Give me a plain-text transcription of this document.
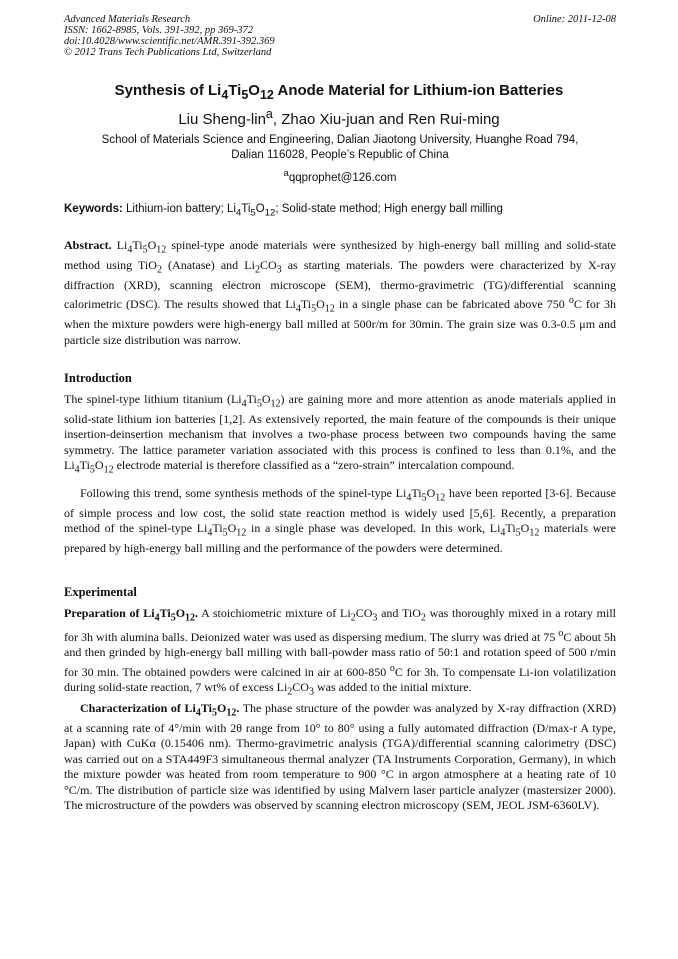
Advanced Materials Research
ISSN: 1662-8985, Vols. 391-392, pp 369-372
doi:10.4028/www.scientific.net/AMR.391-392.369
© 2012 Trans Tech Publications Ltd, Switzerland
Online: 2011-12-08
Synthesis of $Li_4Ti_5O_{12}$ Anode Material for Lithium-ion Batteries
Liu Sheng-lin$^a$, Zhao Xiu-juan and Ren Rui-ming
School of Materials Science and Engineering, Dalian Jiaotong University, Huanghe Road 794,
Dalian 116028, People’s Republic of China
$^a$qqprophet@126.com
Keywords: Lithium-ion battery; $Li_4Ti_5O_{12}$; Solid-state method; High energy ball milling
Abstract. $Li_4Ti_5O_{12}$ spinel-type anode materials were synthesized by high-energy ball milling and solid-state method using TiO$_2$ (Anatase) and $Li_2CO_3$ as starting materials. The powders were characterized by X-ray diffraction (XRD), scanning electron microscope (SEM), thermo-gravimetric (TG)/differential scanning calorimetric (DSC). The results showed that $Li_4Ti_5O_{12}$ in a single phase can be fabricated above 750 $^o$C for 3h when the mixture powders were high-energy ball milled at 500r/m for 30min. The grain size was 0.3-0.5 μm and particle size distribution was narrow.
Introduction
The spinel-type lithium titanium $(Li_4Ti_5O_{12})$ are gaining more and more attention as anode materials applied in solid-state lithium ion batteries [1,2]. As extensively reported, the main feature of the compounds is their unique insertion-deinsertion mechanism that involves a two-phase process between two compounds having the same symmetry. The lattice parameter variation associated with this process is confined to less than 0.1%, and the $Li_4Ti_5O_{12}$ electrode material is therefore classified as a “zero-strain” intercalation compound.
Following this trend, some synthesis methods of the spinel-type $Li_4Ti_5O_{12}$ have been reported [3-6]. Because of simple process and low cost, the solid state reaction method is widely used [5,6]. Recently, a preparation method of the spinel-type $Li_4Ti_5O_{12}$ in a single phase was developed. In this work, $Li_4Ti_5O_{12}$ materials were prepared by high-energy ball milling and the performance of the powders were determined.
Experimental
Preparation of $Li_4Ti_5O_{12}$. A stoichiometric mixture of $Li_2CO_3$ and TiO$_2$ was thoroughly mixed in a rotary mill for 3h with alumina balls. Deionized water was used as dispersing medium. The slurry was dried at 75 $^o$C about 5h and then grinded by high-energy ball milling with ball-powder mass ratio of 50:1 and rotation speed of 500 r/min for 30 min. The obtained powders were calcined in air at 600-850 $^o$C for 3h. To compensate Li-ion volatilization during solid-state reaction, 7 wt% of excess $Li_2CO_3$ was added to the initial mixture.
Characterization of $Li_4Ti_5O_{12}$. The phase structure of the powder was analyzed by X-ray diffraction (XRD) at a scanning rate of 4°/min with 2θ range from 10° to 80° using a fully automated diffraction (D/max-r A type, Japan) with CuKα (0.15406 nm). Thermo-gravimetric analysis (TGA)/differential scanning calorimetry (DSC) was carried out on a STA449F3 simultaneous thermal analyzer (TA Instruments Corporation, Germany), in which the mixture powder was heated from room temperature to 900 °C in argon atmosphere at a heating rate of 10 °C/m. The distribution of particle size was identified by using Malvern laser particle analyzer (mastersizer 2000). The microstructure of the powders was observed by scanning electron microscopy (SEM, JEOL JSM-6360LV).
